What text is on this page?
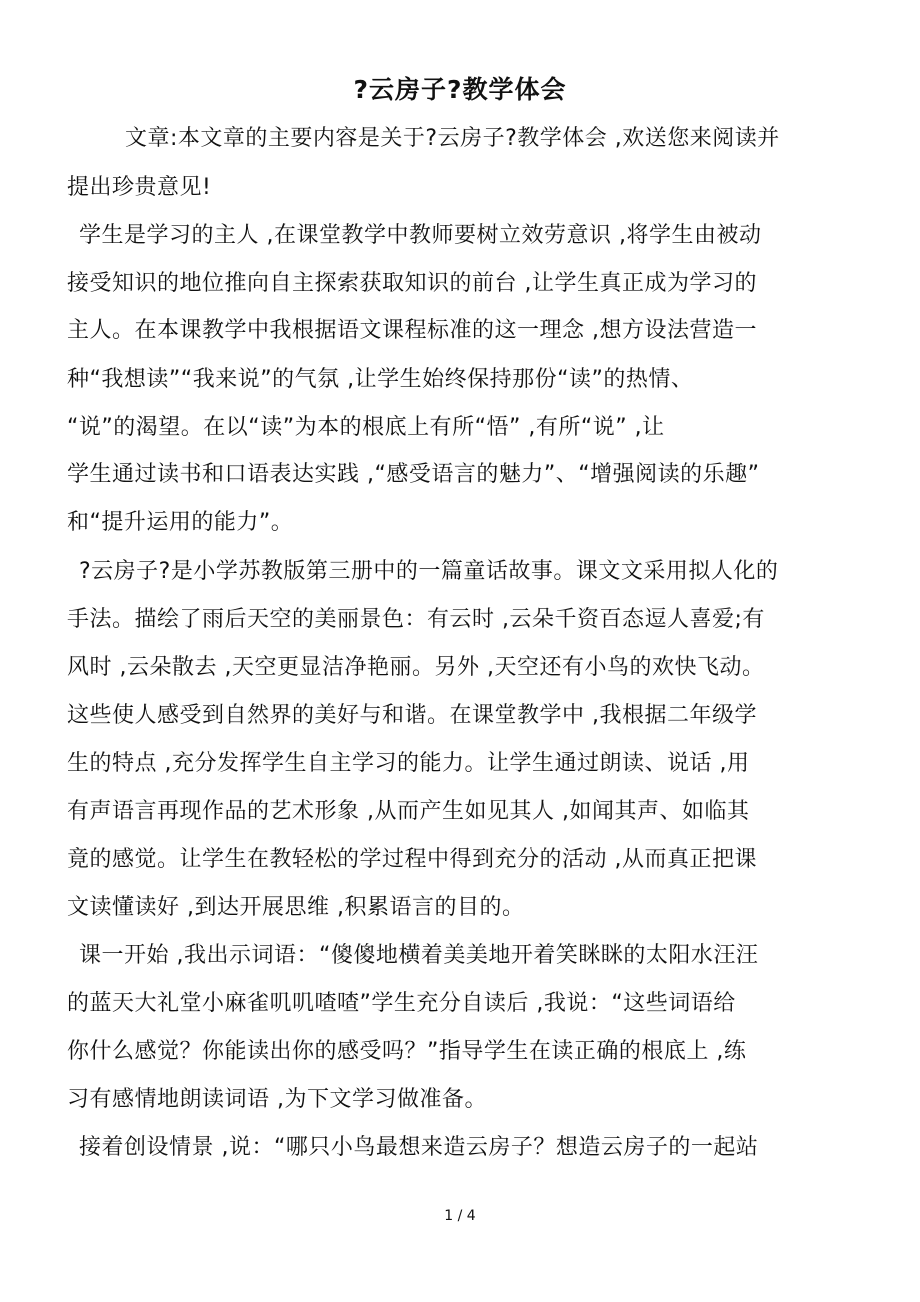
?云房子?教学体会
文章:本文章的主要内容是关于?云房子?教学体会 ,欢送您来阅读并
提出珍贵意见!
学生是学习的主人 ,在课堂教学中教师要树立效劳意识 ,将学生由被动
接受知识的地位推向自主探索获取知识的前台 ,让学生真正成为学习的
主人。在本课教学中我根据语文课程标准的这一理念 ,想方设法营造一
种“我想读”“我来说”的气氛 ,让学生始终保持那份“读”的热情、
“说”的渴望。在以“读”为本的根底上有所“悟” ,有所“说” ,让
学生通过读书和口语表达实践 ,“感受语言的魅力”、“增强阅读的乐趣”
和“提升运用的能力”。
?云房子?是小学苏教版第三册中的一篇童话故事。课文文采用拟人化的
手法。描绘了雨后天空的美丽景色：有云时 ,云朵千资百态逗人喜爱;有
风时 ,云朵散去 ,天空更显洁净艳丽。另外 ,天空还有小鸟的欢快飞动。
这些使人感受到自然界的美好与和谐。在课堂教学中 ,我根据二年级学
生的特点 ,充分发挥学生自主学习的能力。让学生通过朗读、说话 ,用
有声语言再现作品的艺术形象 ,从而产生如见其人 ,如闻其声、如临其
竟的感觉。让学生在教轻松的学过程中得到充分的活动 ,从而真正把课
文读懂读好 ,到达开展思维 ,积累语言的目的。
课一开始 ,我出示词语：“傻傻地横着美美地开着笑眯眯的太阳水汪汪
的蓝天大礼堂小麻雀叽叽喳喳”学生充分自读后 ,我说：“这些词语给
你什么感觉？你能读出你的感受吗？”指导学生在读正确的根底上 ,练
习有感情地朗读词语 ,为下文学习做准备。
接着创设情景 ,说：“哪只小鸟最想来造云房子？想造云房子的一起站
1 / 4
